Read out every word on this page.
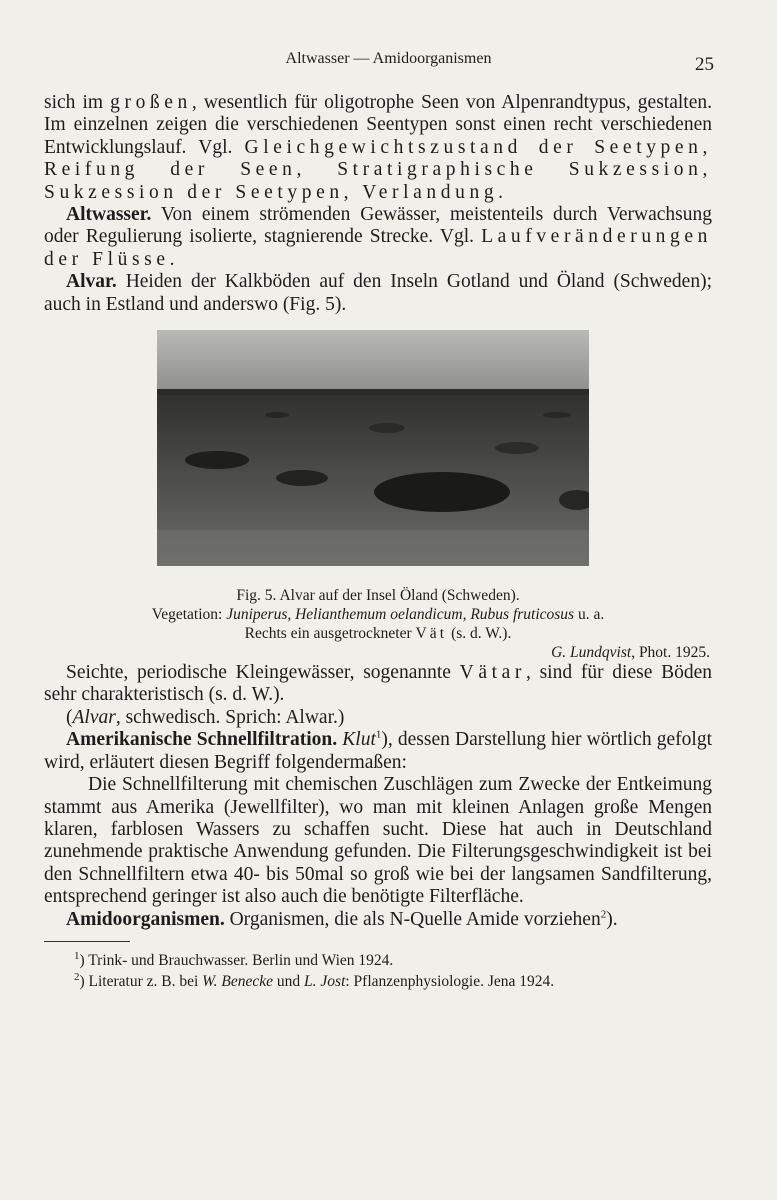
Altwasser — Amidoorganismen	25

sich im großen, wesentlich für oligotrophe Seen von Alpenrandtypus, gestalten. Im einzelnen zeigen die verschiedenen Seentypen sonst einen recht verschiedenen Entwicklungslauf. Vgl. Gleichgewichtszustand der Seetypen, Reifung der Seen, Stratigraphische Sukzession, Sukzession der Seetypen, Verlandung.

Altwasser. Von einem strömenden Gewässer, meistenteils durch Verwachsung oder Regulierung isolierte, stagnierende Strecke. Vgl. Laufveränderungen der Flüsse.

Alvar. Heiden der Kalkböden auf den Inseln Gotland und Öland (Schweden); auch in Estland und anderswo (Fig. 5).

Fig. 5. Alvar auf der Insel Öland (Schweden).
Vegetation: Juniperus, Helianthemum oelandicum, Rubus fruticosus u. a.
Rechts ein ausgetrockneter Vät (s. d. W.).
G. Lundqvist, Phot. 1925.

Seichte, periodische Kleingewässer, sogenannte Vätar, sind für diese Böden sehr charakteristisch (s. d. W.).

(Alvar, schwedisch. Sprich: Alwar.)

Amerikanische Schnellfiltration. Klut$^1$), dessen Darstellung hier wörtlich gefolgt wird, erläutert diesen Begriff folgendermaßen:

Die Schnellfilterung mit chemischen Zuschlägen zum Zwecke der Entkeimung stammt aus Amerika (Jewellfilter), wo man mit kleinen Anlagen große Mengen klaren, farblosen Wassers zu schaffen sucht. Diese hat auch in Deutschland zunehmende praktische Anwendung gefunden. Die Filterungsgeschwindigkeit ist bei den Schnellfiltern etwa 40- bis 50mal so groß wie bei der langsamen Sandfilterung, entsprechend geringer ist also auch die benötigte Filterfläche.

Amidoorganismen. Organismen, die als N-Quelle Amide vorziehen$^2$).

$^1$) Trink- und Brauchwasser. Berlin und Wien 1924.

$^2$) Literatur z. B. bei W. Benecke und L. Jost: Pflanzenphysiologie. Jena 1924.
